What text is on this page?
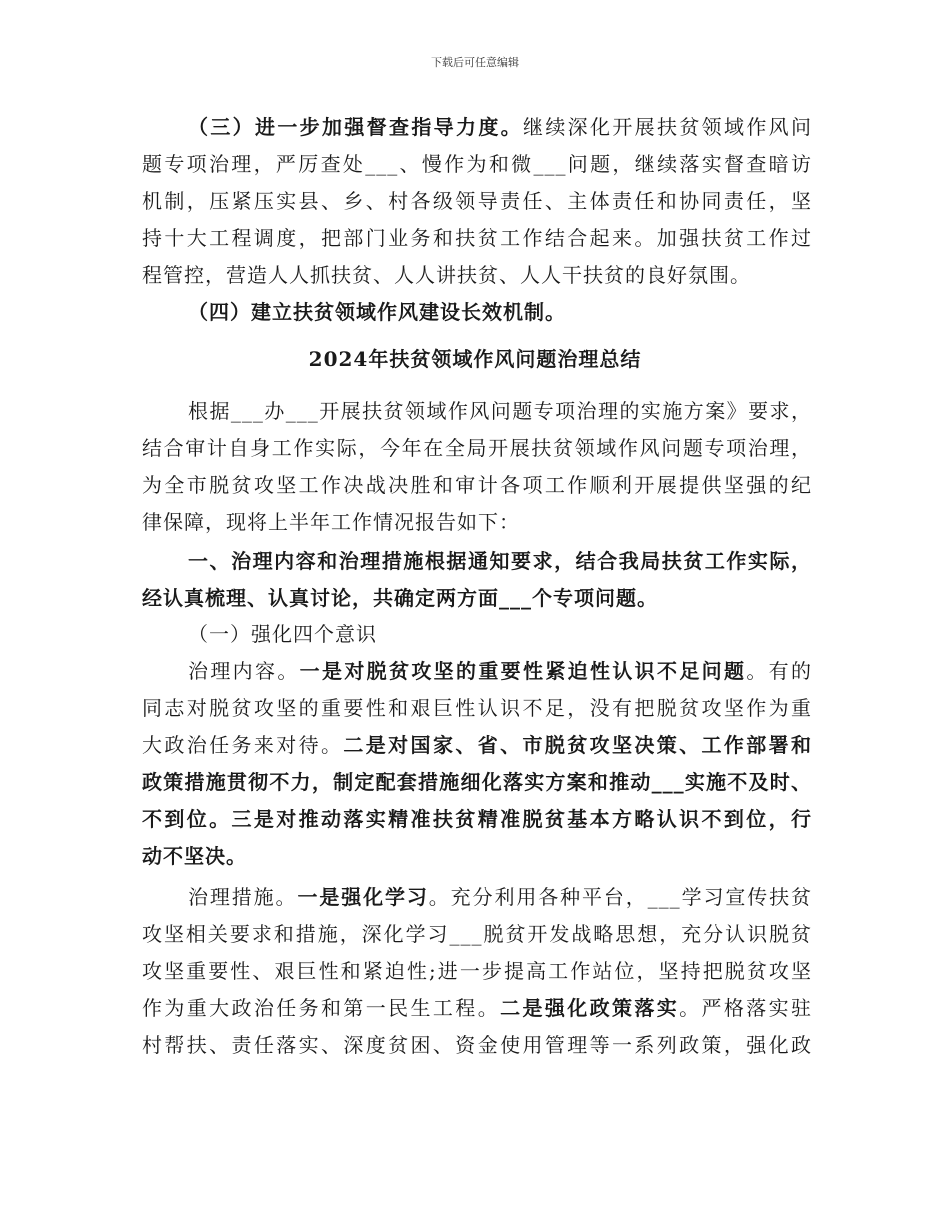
下载后可任意编辑
（三）进一步加强督查指导力度。继续深化开展扶贫领域作风问
题专项治理，严厉查处___、慢作为和微___问题，继续落实督查暗访
机制，压紧压实县、乡、村各级领导责任、主体责任和协同责任，坚
持十大工程调度，把部门业务和扶贫工作结合起来。加强扶贫工作过
程管控，营造人人抓扶贫、人人讲扶贫、人人干扶贫的良好氛围。
（四）建立扶贫领域作风建设长效机制。
2024年扶贫领域作风问题治理总结
根据___办___开展扶贫领域作风问题专项治理的实施方案》要求，
结合审计自身工作实际，今年在全局开展扶贫领域作风问题专项治理，
为全市脱贫攻坚工作决战决胜和审计各项工作顺利开展提供坚强的纪
律保障，现将上半年工作情况报告如下：
一、治理内容和治理措施根据通知要求，结合我局扶贫工作实际，
经认真梳理、认真讨论，共确定两方面___个专项问题。
（一）强化四个意识
治理内容。一是对脱贫攻坚的重要性紧迫性认识不足问题。有的
同志对脱贫攻坚的重要性和艰巨性认识不足，没有把脱贫攻坚作为重
大政治任务来对待。二是对国家、省、市脱贫攻坚决策、工作部署和
政策措施贯彻不力，制定配套措施细化落实方案和推动___实施不及时、
不到位。三是对推动落实精准扶贫精准脱贫基本方略认识不到位，行
动不坚决。
治理措施。一是强化学习。充分利用各种平台，___学习宣传扶贫
攻坚相关要求和措施，深化学习___脱贫开发战略思想，充分认识脱贫
攻坚重要性、艰巨性和紧迫性;进一步提高工作站位，坚持把脱贫攻坚
作为重大政治任务和第一民生工程。二是强化政策落实。严格落实驻
村帮扶、责任落实、深度贫困、资金使用管理等一系列政策，强化政
